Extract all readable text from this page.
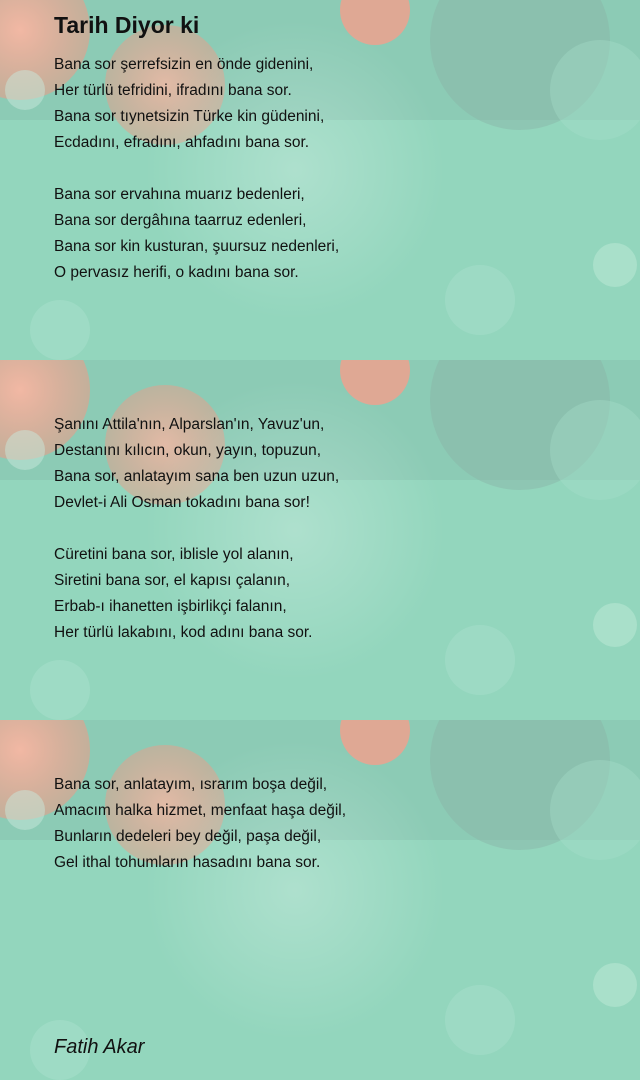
Tarih Diyor ki
Bana sor şerrefsizin en önde gidenini,
Her türlü tefridini, ifradını bana sor.
Bana sor tıynetsizin Türke kin güdenini,
Ecdadını, efradını, ahfadını bana sor.
Bana sor ervahına muarız bedenleri,
Bana sor dergâhına taarruz edenleri,
Bana sor kin kusturan, şuursuz nedenleri,
O pervasız herifi, o kadını bana sor.
Şanını Attila'nın, Alparslan'ın, Yavuz'un,
Destanını kılıcın, okun, yayın, topuzun,
Bana sor, anlatayım sana ben uzun uzun,
Devlet-i Ali Osman tokadını bana sor!
Cüretini bana sor, iblisle yol alanın,
Siretini bana sor, el kapısı çalanın,
Erbab-ı ihanetten işbirlikçi falanın,
Her türlü lakabını, kod adını bana sor.
Bana sor, anlatayım, ısrarım boşa değil,
Amacım halka hizmet, menfaat haşa değil,
Bunların dedeleri bey değil, paşa değil,
Gel ithal tohumların hasadını bana sor.
Fatih Akar
